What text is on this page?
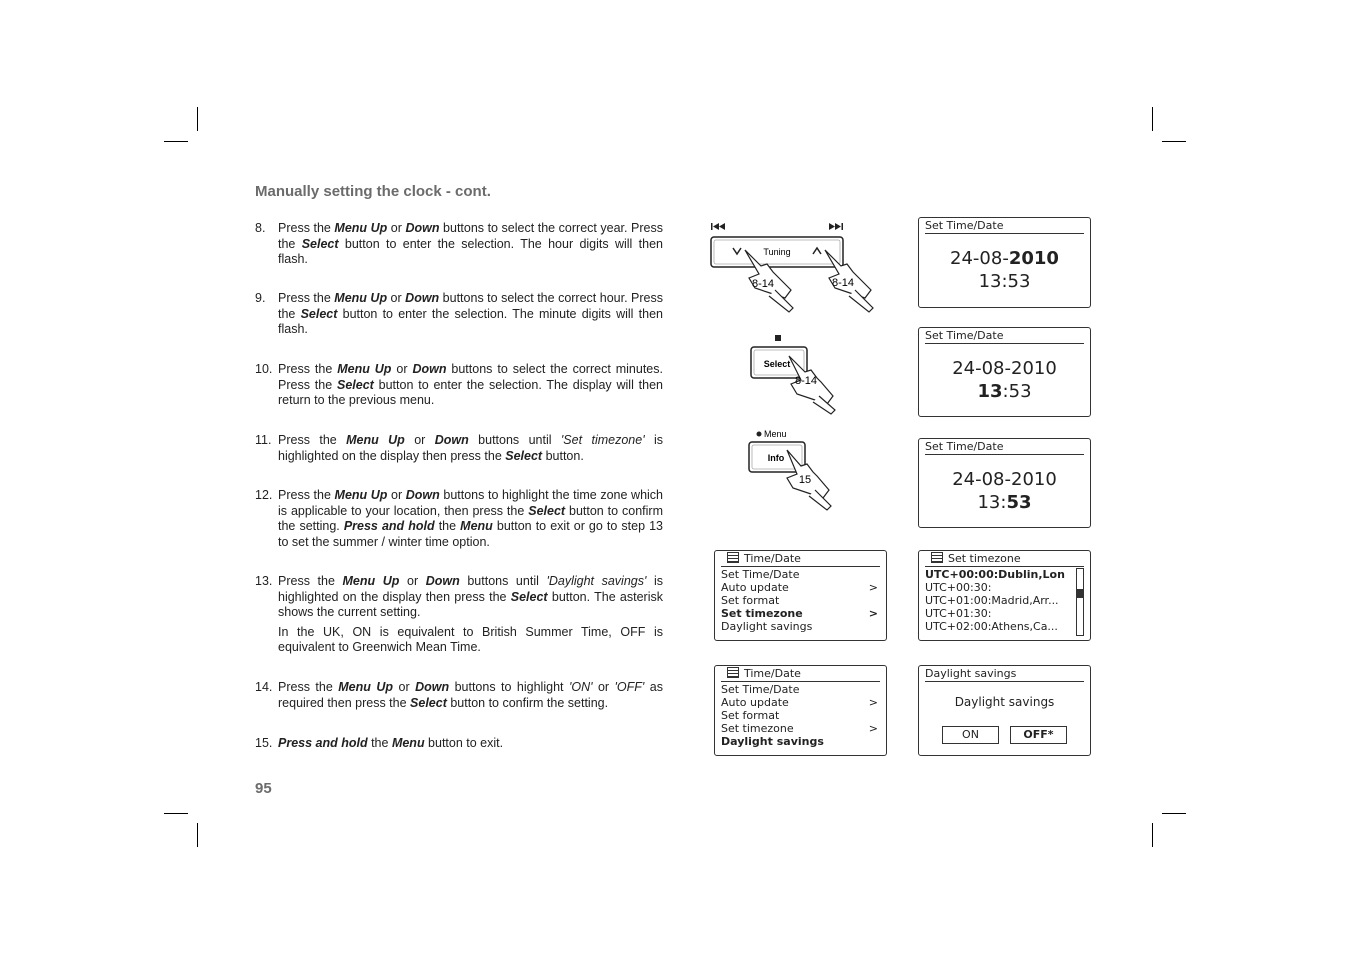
Manually setting the clock - cont.
8.	Press the Menu Up or Down buttons to select the correct year. Press the Select button to enter the selection. The hour digits will then flash.
9.	Press the Menu Up or Down buttons to select the correct hour. Press the Select button to enter the selection. The minute digits will then flash.
10. Press the Menu Up or Down buttons to select the correct minutes. Press the Select button to enter the selection. The display will then return to the previous menu.
11. Press the Menu Up or Down buttons until 'Set timezone' is highlighted on the display then press the Select button.
12. Press the Menu Up or Down buttons to highlight the time zone which is applicable to your location, then press the Select button to confirm the setting. Press and hold the Menu button to exit or go to step 13 to set the summer / winter time option.
13. Press the Menu Up or Down buttons until 'Daylight savings' is highlighted on the display then press the Select button. The asterisk shows the current setting.
In the UK, ON is equivalent to British Summer Time, OFF is equivalent to Greenwich Mean Time.
14. Press the Menu Up or Down buttons to highlight 'ON' or 'OFF' as required then press the Select button to confirm the setting.
15. Press and hold the Menu button to exit.
95
Tuning
8-14	8-14
Select
8-14
Menu
Info
15
Set Time/Date
24-08-2010
13:53
Set Time/Date
24-08-2010
13:53
Set Time/Date
24-08-2010
13:53
Time/Date
Set Time/Date
Auto update	>
Set format
Set timezone	>
Daylight savings
Set timezone
UTC+00:00:Dublin,Lon
UTC+00:30:
UTC+01:00:Madrid,Arr...
UTC+01:30:
UTC+02:00:Athens,Ca...
Time/Date
Set Time/Date
Auto update	>
Set format
Set timezone	>
Daylight savings
Daylight savings
Daylight savings
ON	OFF*
